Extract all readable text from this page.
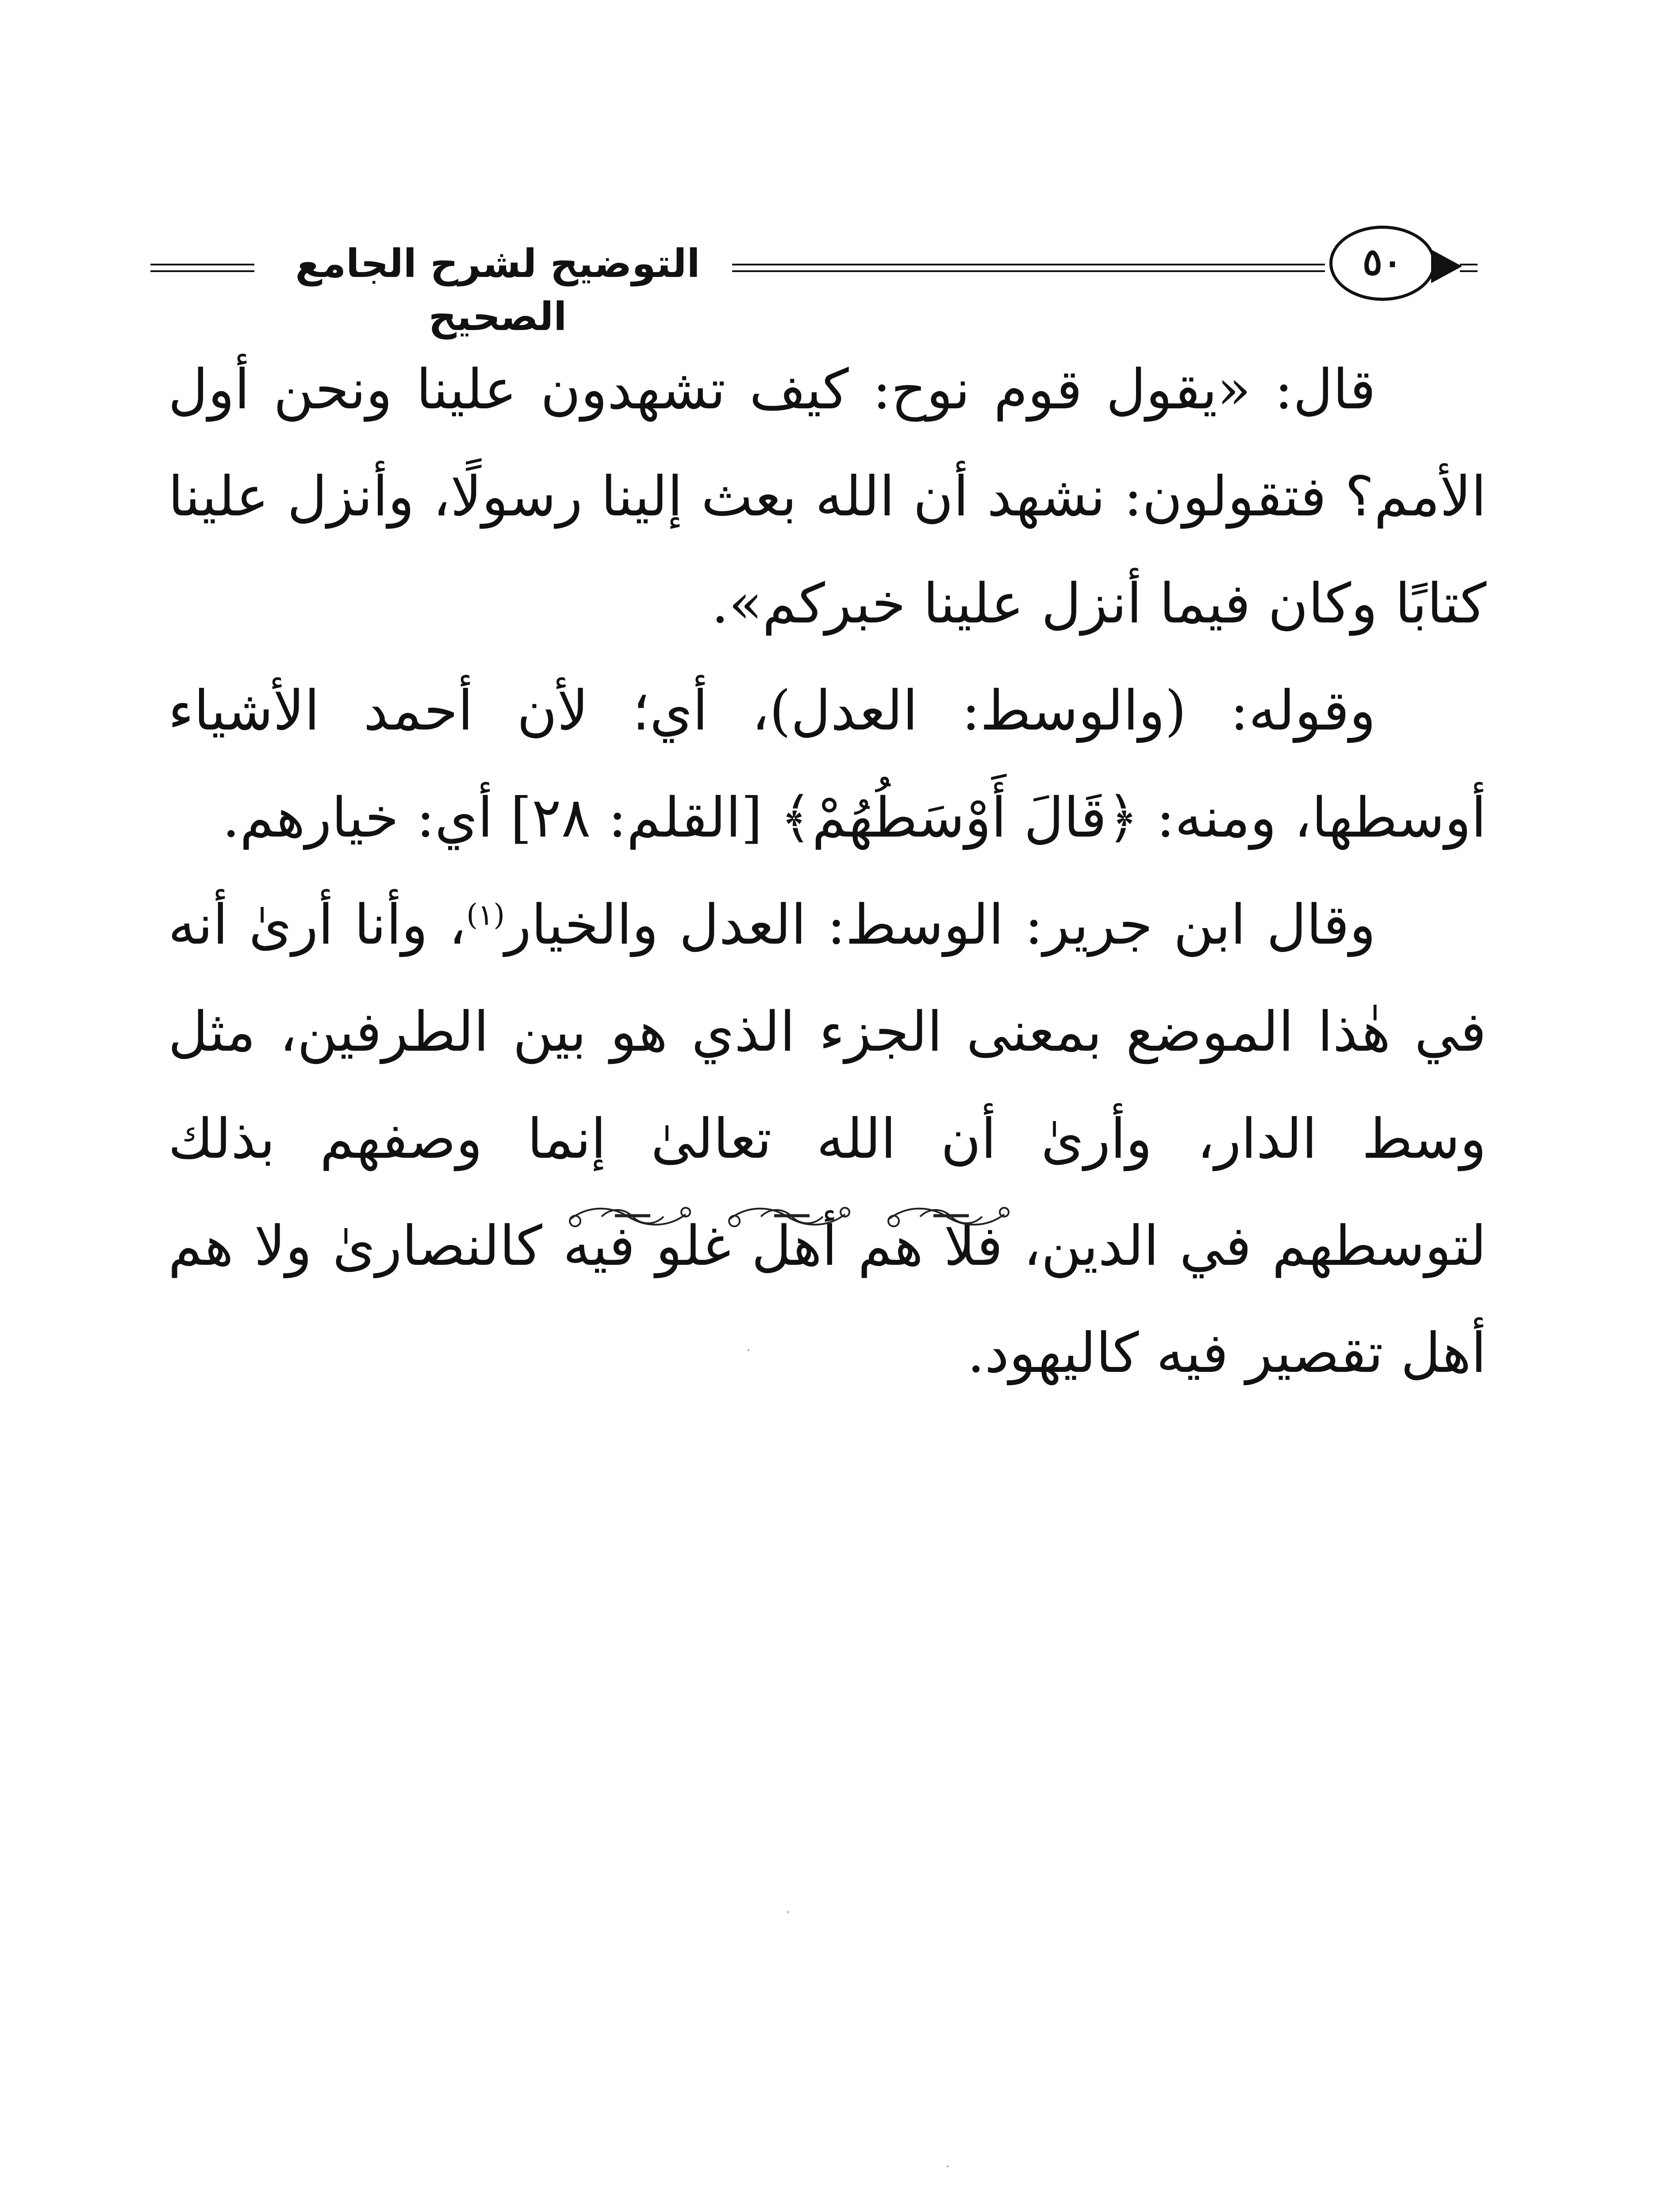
التوضيح لشرح الجامع الصحيح
٥٠

قال: «يقول قوم نوح: كيف تشهدون علينا ونحن أول الأمم؟ فتقولون: نشهد أن الله بعث إلينا رسولًا، وأنزل علينا كتابًا وكان فيما أنزل علينا خبركم».

وقوله: (والوسط: العدل)، أي؛ لأن أحمد الأشياء أوسطها، ومنه: ﴿قَالَ أَوْسَطُهُمْ﴾ [القلم: ٢٨] أي: خيارهم.

وقال ابن جرير: الوسط: العدل والخيار$^{(١)}$، وأنا أرىٰ أنه في هٰذا الموضع بمعنى الجزء الذي هو بين الطرفين، مثل وسط الدار، وأرىٰ أن الله تعالىٰ إنما وصفهم بذلك لتوسطهم في الدين، فلا هم أهل غلو فيه كالنصارىٰ ولا هم أهل تقصير فيه كاليهود.
